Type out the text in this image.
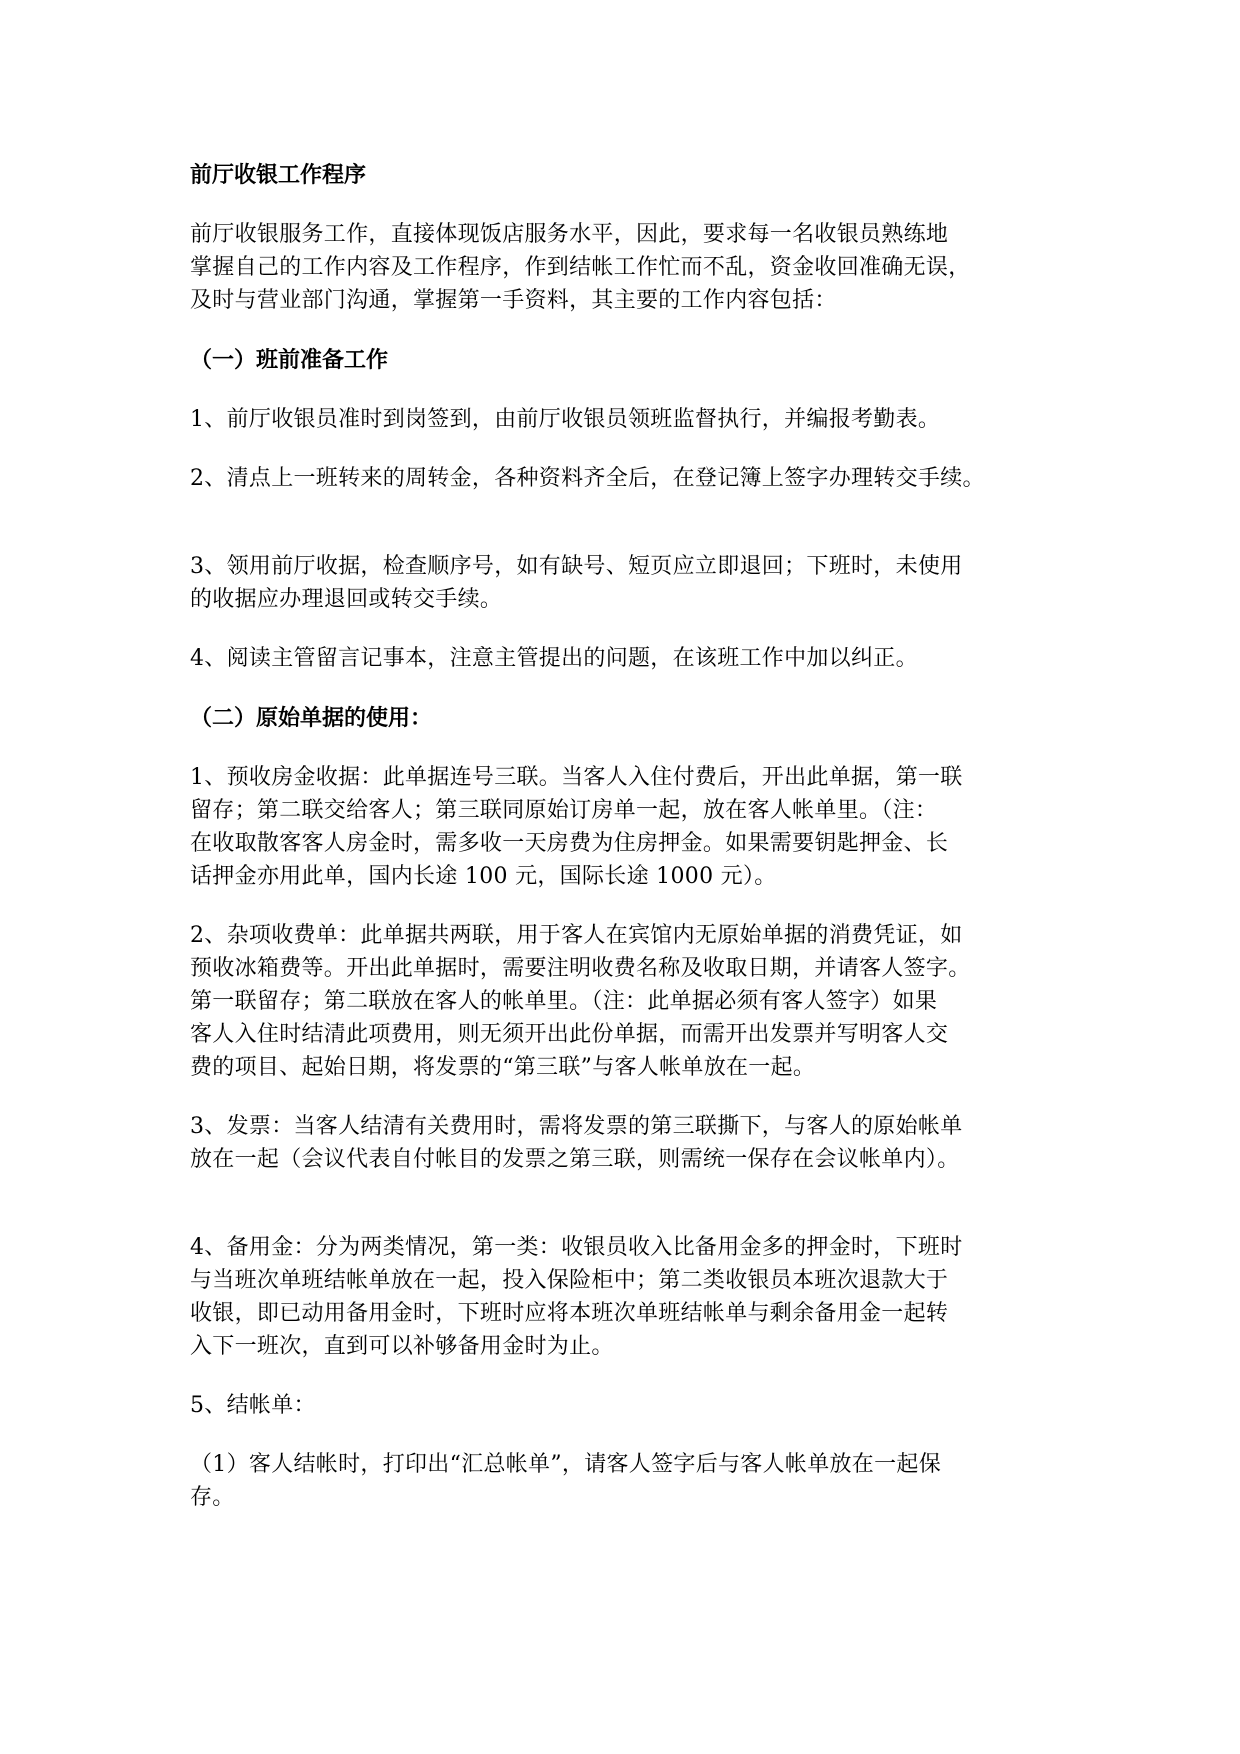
前厅收银工作程序
前厅收银服务工作，直接体现饭店服务水平，因此，要求每一名收银员熟练地
掌握自己的工作内容及工作程序，作到结帐工作忙而不乱，资金收回准确无误，
及时与营业部门沟通，掌握第一手资料，其主要的工作内容包括：
（一）班前准备工作
1、前厅收银员准时到岗签到，由前厅收银员领班监督执行，并编报考勤表。
2、清点上一班转来的周转金，各种资料齐全后，在登记簿上签字办理转交手续。
3、领用前厅收据，检查顺序号，如有缺号、短页应立即退回；下班时，未使用
的收据应办理退回或转交手续。
4、阅读主管留言记事本，注意主管提出的问题，在该班工作中加以纠正。
（二）原始单据的使用：
1、预收房金收据：此单据连号三联。当客人入住付费后，开出此单据，第一联
留存；第二联交给客人；第三联同原始订房单一起，放在客人帐单里。（注：
在收取散客客人房金时，需多收一天房费为住房押金。如果需要钥匙押金、长
话押金亦用此单，国内长途 100 元，国际长途 1000 元）。
2、杂项收费单：此单据共两联，用于客人在宾馆内无原始单据的消费凭证，如
预收冰箱费等。开出此单据时，需要注明收费名称及收取日期，并请客人签字。
第一联留存；第二联放在客人的帐单里。（注：此单据必须有客人签字）如果
客人入住时结清此项费用，则无须开出此份单据，而需开出发票并写明客人交
费的项目、起始日期，将发票的“第三联”与客人帐单放在一起。
3、发票：当客人结清有关费用时，需将发票的第三联撕下，与客人的原始帐单
放在一起（会议代表自付帐目的发票之第三联，则需统一保存在会议帐单内）。
4、备用金：分为两类情况，第一类：收银员收入比备用金多的押金时，下班时
与当班次单班结帐单放在一起，投入保险柜中；第二类收银员本班次退款大于
收银，即已动用备用金时，下班时应将本班次单班结帐单与剩余备用金一起转
入下一班次，直到可以补够备用金时为止。
5、结帐单：
（1）客人结帐时，打印出“汇总帐单”，请客人签字后与客人帐单放在一起保
存。
